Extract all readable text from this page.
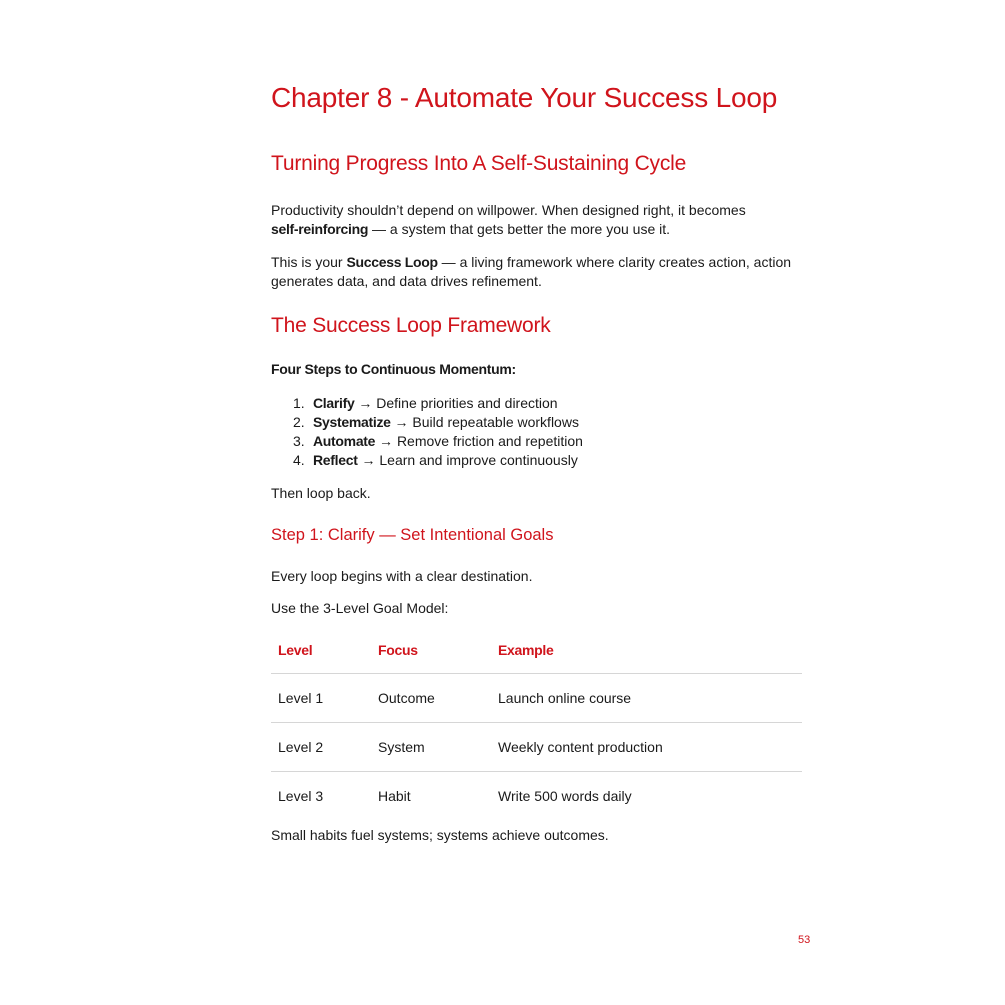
Chapter 8 - Automate Your Success Loop
Turning Progress Into A Self-Sustaining Cycle

Productivity shouldn’t depend on willpower. When designed right, it becomes
self-reinforcing — a system that gets better the more you use it.

This is your Success Loop — a living framework where clarity creates action, action generates data, and data drives refinement.

The Success Loop Framework

Four Steps to Continuous Momentum:

1. Clarify → Define priorities and direction
2. Systematize → Build repeatable workflows
3. Automate → Remove friction and repetition
4. Reflect → Learn and improve continuously

Then loop back.

Step 1: Clarify — Set Intentional Goals

Every loop begins with a clear destination.

Use the 3-Level Goal Model:

Level	Focus	Example
Level 1	Outcome	Launch online course
Level 2	System	Weekly content production
Level 3	Habit	Write 500 words daily

Small habits fuel systems; systems achieve outcomes.

53
